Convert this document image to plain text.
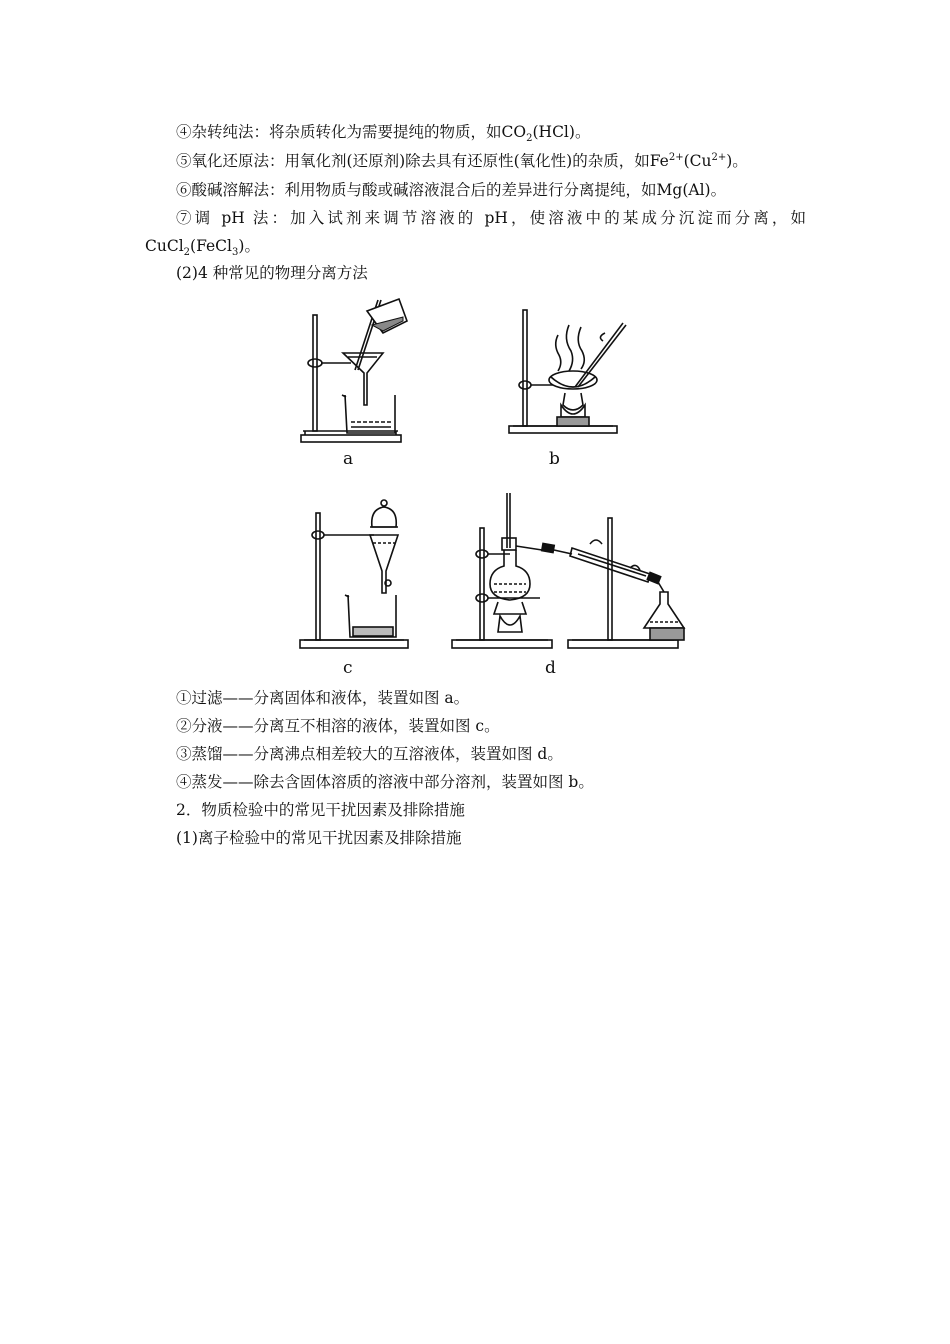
④杂转纯法：将杂质转化为需要提纯的物质，如$CO_2(HCl)$。
⑤氧化还原法：用氧化剂(还原剂)除去具有还原性(氧化性)的杂质，如$Fe^{2+}(Cu^{2+})$。
⑥酸碱溶解法：利用物质与酸或碱溶液混合后的差异进行分离提纯，如Mg(Al)。
⑦调 pH 法：加入试剂来调节溶液的 pH，使溶液中的某成分沉淀而分离，如
CuCl$_2$(FeCl$_3$)。
(2)4 种常见的物理分离方法
a	b
c	d
①过滤——分离固体和液体，装置如图 a。
②分液——分离互不相溶的液体，装置如图 c。
③蒸馏——分离沸点相差较大的互溶液体，装置如图 d。
④蒸发——除去含固体溶质的溶液中部分溶剂，装置如图 b。
2．物质检验中的常见干扰因素及排除措施
(1)离子检验中的常见干扰因素及排除措施
